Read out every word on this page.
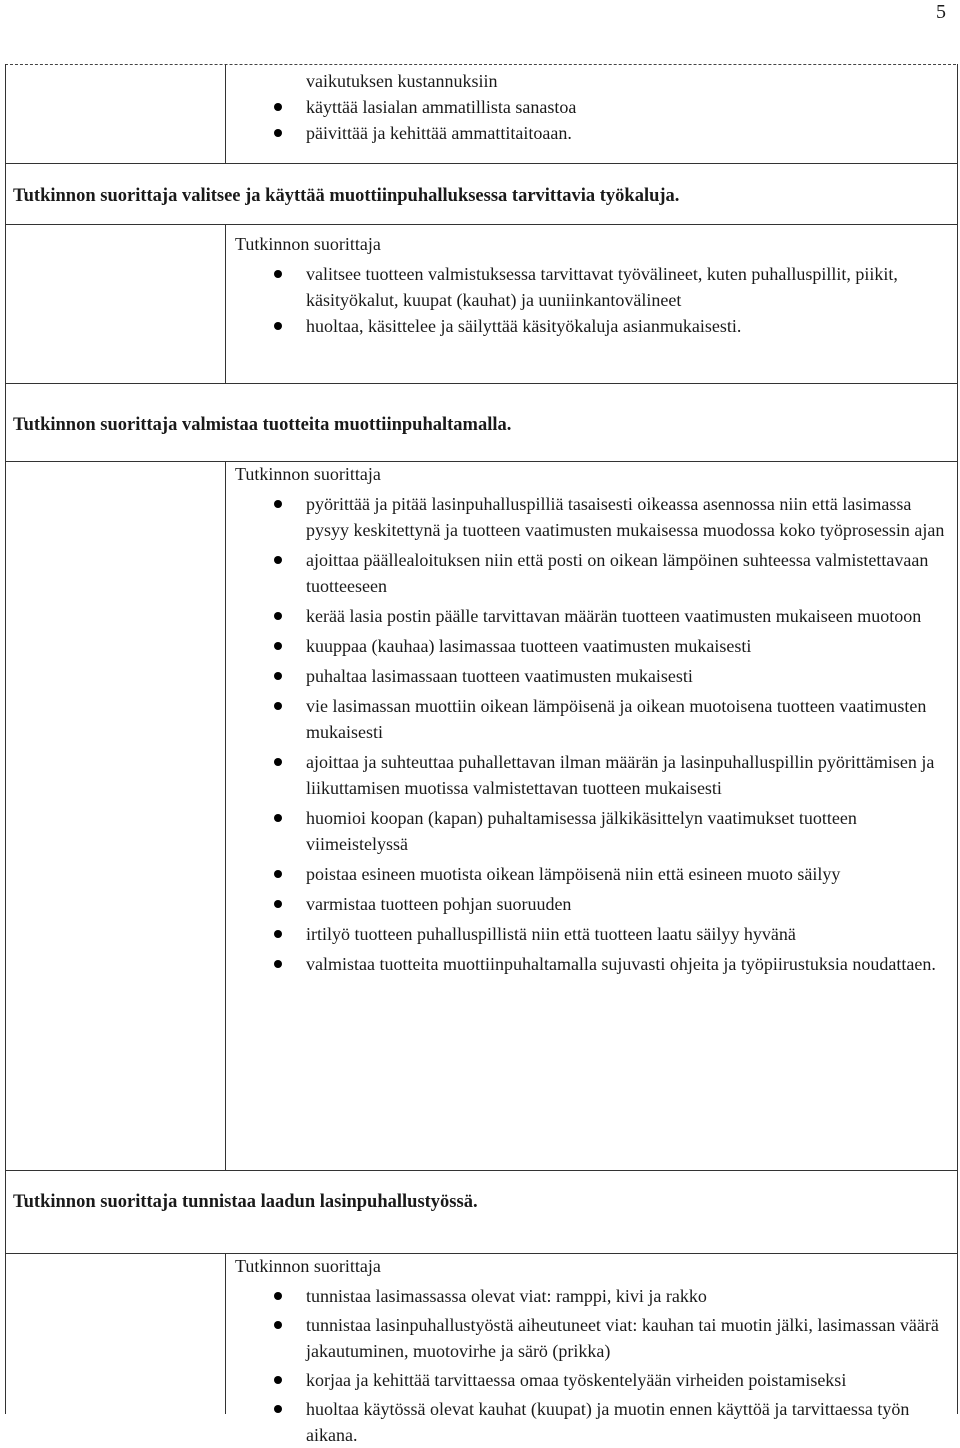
5
vaikutuksen kustannuksiin
käyttää lasialan ammatillista sanastoa
päivittää ja kehittää ammattitaitoaan.
Tutkinnon suorittaja valitsee ja käyttää muottiinpuhalluksessa tarvittavia työkaluja.
Tutkinnon suorittaja
valitsee tuotteen valmistuksessa tarvittavat työvälineet, kuten puhalluspillit, piikit, käsityökalut, kuupat (kauhat) ja uuniinkantovälineet
huoltaa, käsittelee ja säilyttää käsityökaluja asianmukaisesti.
Tutkinnon suorittaja valmistaa tuotteita muottiinpuhaltamalla.
Tutkinnon suorittaja
pyörittää ja pitää lasinpuhalluspilliä tasaisesti oikeassa asennossa niin että lasimassa pysyy keskitettynä ja tuotteen vaatimusten mukaisessa muodossa koko työprosessin ajan
ajoittaa päällealoituksen niin että posti on oikean lämpöinen suhteessa valmistettavaan tuotteeseen
kerää lasia postin päälle tarvittavan määrän tuotteen vaatimusten mukaiseen muotoon
kuuppaa (kauhaa) lasimassaa tuotteen vaatimusten mukaisesti
puhaltaa lasimassaan tuotteen vaatimusten mukaisesti
vie lasimassan muottiin oikean lämpöisenä ja oikean muotoisena tuotteen vaatimusten mukaisesti
ajoittaa ja suhteuttaa puhallettavan ilman määrän ja lasinpuhalluspillin pyörittämisen ja liikuttamisen muotissa valmistettavan tuotteen mukaisesti
huomioi koopan (kapan) puhaltamisessa jälkikäsittelyn vaatimukset tuotteen viimeistelyssä
poistaa esineen muotista oikean lämpöisenä niin että esineen muoto säilyy
varmistaa tuotteen pohjan suoruuden
irtilyö tuotteen puhalluspillistä niin että tuotteen laatu säilyy hyvänä
valmistaa tuotteita muottiinpuhaltamalla sujuvasti ohjeita ja työpiirustuksia noudattaen.
Tutkinnon suorittaja tunnistaa laadun lasinpuhallustyössä.
Tutkinnon suorittaja
tunnistaa lasimassassa olevat viat: ramppi, kivi ja rakko
tunnistaa lasinpuhallustyöstä aiheutuneet viat: kauhan tai muotin jälki, lasimassan väärä jakautuminen, muotovirhe ja särö (prikka)
korjaa ja kehittää tarvittaessa omaa työskentelyään virheiden poistamiseksi
huoltaa käytössä olevat kauhat (kuupat) ja muotin ennen käyttöä ja tarvittaessa työn aikana.
